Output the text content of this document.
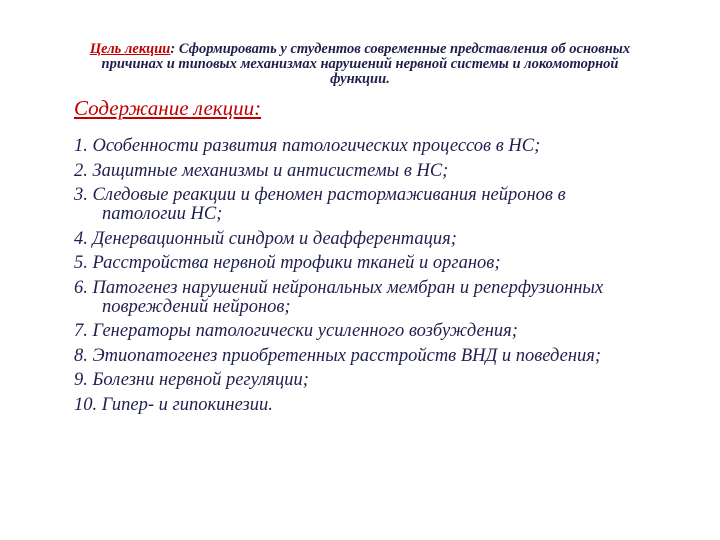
Цель лекции: Сформировать у студентов современные представления об основных причинах и типовых механизмах нарушений нервной системы и локомоторной функции.
Содержание лекции:
1. Особенности развития патологических процессов в НС;
2. Защитные механизмы и антисистемы в НС;
3. Следовые реакции и феномен растормаживания нейронов в патологии НС;
4. Денервационный синдром и деафферентация;
5. Расстройства нервной трофики тканей и органов;
6. Патогенез нарушений нейрональных мембран и реперфузионных повреждений нейронов;
7. Генераторы патологически усиленного возбуждения;
8. Этиопатогенез приобретенных расстройств ВНД и поведения;
9. Болезни нервной регуляции;
10. Гипер- и гипокинезии.
